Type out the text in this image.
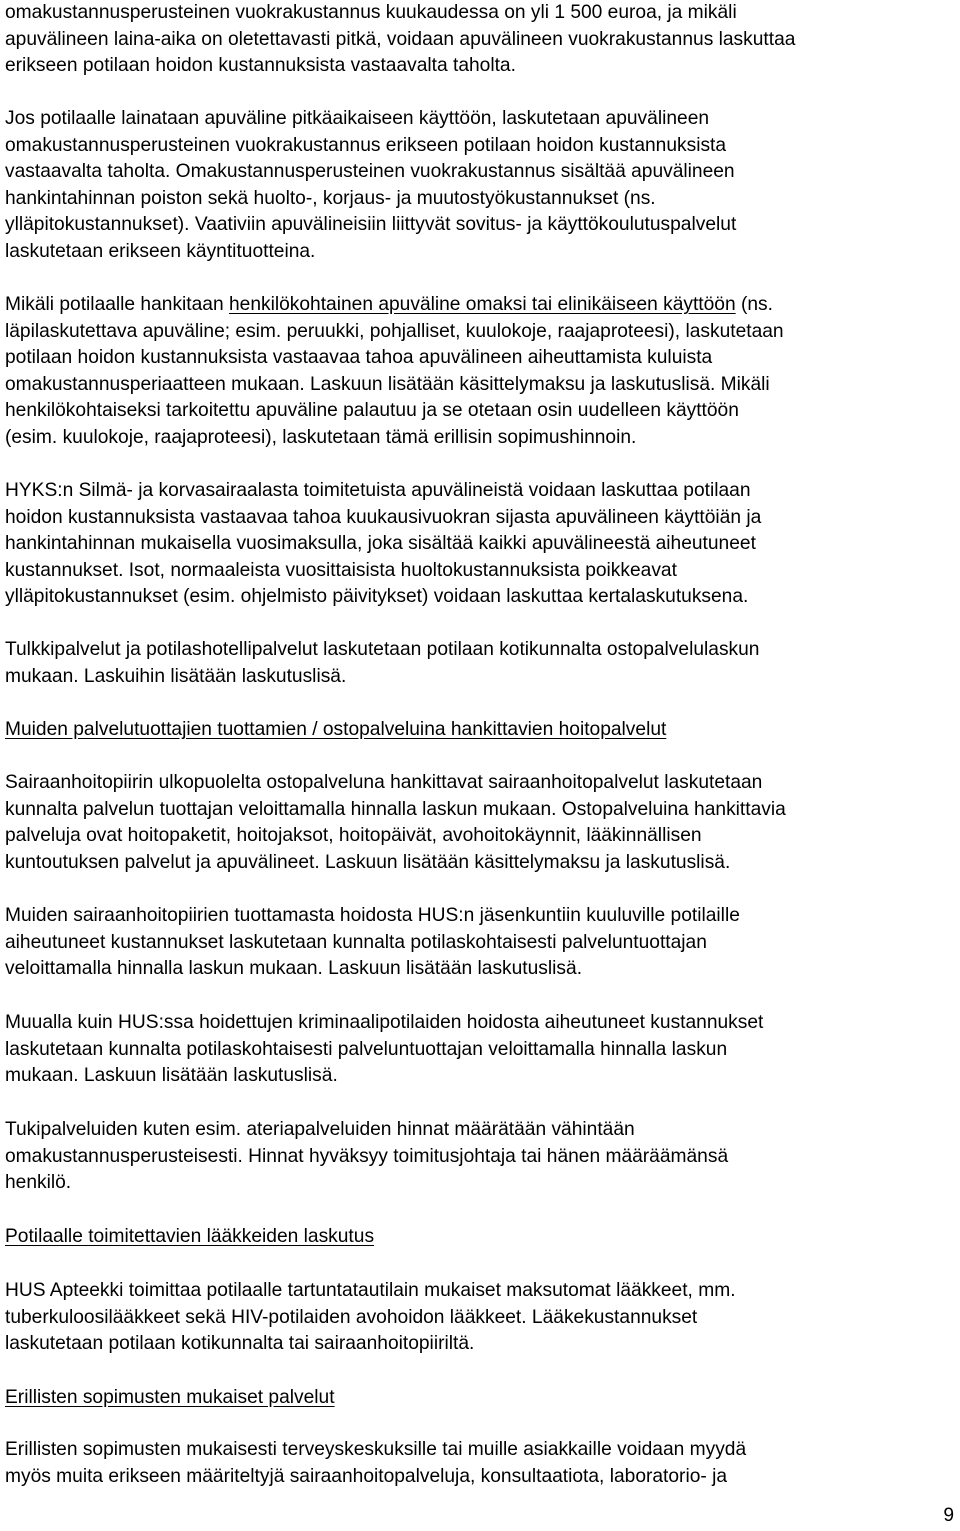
omakustannusperusteinen vuokrakustannus kuukaudessa on yli 1 500 euroa, ja mikäli
apuvälineen laina-aika on oletettavasti pitkä, voidaan apuvälineen vuokrakustannus laskuttaa
erikseen potilaan hoidon kustannuksista vastaavalta taholta.

Jos potilaalle lainataan apuväline pitkäaikaiseen käyttöön, laskutetaan apuvälineen
omakustannusperusteinen vuokrakustannus erikseen potilaan hoidon kustannuksista
vastaavalta taholta. Omakustannusperusteinen vuokrakustannus sisältää apuvälineen
hankintahinnan poiston sekä huolto-, korjaus- ja muutostyökustannukset (ns.
ylläpitokustannukset). Vaativiin apuvälineisiin liittyvät sovitus- ja käyttökoulutuspalvelut
laskutetaan erikseen käyntituotteina.

Mikäli potilaalle hankitaan henkilökohtainen apuväline omaksi tai elinikäiseen käyttöön (ns.
läpilaskutettava apuväline; esim. peruukki, pohjalliset, kuulokoje, raajaproteesi), laskutetaan
potilaan hoidon kustannuksista vastaavaa tahoa apuvälineen aiheuttamista kuluista
omakustannusperiaatteen mukaan. Laskuun lisätään käsittelymaksu ja laskutuslisä. Mikäli
henkilökohtaiseksi tarkoitettu apuväline palautuu ja se otetaan osin uudelleen käyttöön
(esim. kuulokoje, raajaproteesi), laskutetaan tämä erillisin sopimushinnoin.

HYKS:n Silmä- ja korvasairaalasta toimitetuista apuvälineistä voidaan laskuttaa potilaan
hoidon kustannuksista vastaavaa tahoa kuukausivuokran sijasta apuvälineen käyttöiän ja
hankintahinnan mukaisella vuosimaksulla, joka sisältää kaikki apuvälineestä aiheutuneet
kustannukset. Isot, normaaleista vuosittaisista huoltokustannuksista poikkeavat
ylläpitokustannukset (esim. ohjelmisto päivitykset) voidaan laskuttaa kertalaskutuksena.

Tulkkipalvelut ja potilashotellipalvelut laskutetaan potilaan kotikunnalta ostopalvelulaskun
mukaan. Laskuihin lisätään laskutuslisä.

Muiden palvelutuottajien tuottamien / ostopalveluina hankittavien hoitopalvelut

Sairaanhoitopiirin ulkopuolelta ostopalveluna hankittavat sairaanhoitopalvelut laskutetaan
kunnalta palvelun tuottajan veloittamalla hinnalla laskun mukaan. Ostopalveluina hankittavia
palveluja ovat hoitopaketit, hoitojaksot, hoitopäivät, avohoitokäynnit, lääkinnällisen
kuntoutuksen palvelut ja apuvälineet. Laskuun lisätään käsittelymaksu ja laskutuslisä.

Muiden sairaanhoitopiirien tuottamasta hoidosta HUS:n jäsenkuntiin kuuluville potilaille
aiheutuneet kustannukset laskutetaan kunnalta potilaskohtaisesti palveluntuottajan
veloittamalla hinnalla laskun mukaan. Laskuun lisätään laskutuslisä.

Muualla kuin HUS:ssa hoidettujen kriminaalipotilaiden hoidosta aiheutuneet kustannukset
laskutetaan kunnalta potilaskohtaisesti palveluntuottajan veloittamalla hinnalla laskun
mukaan. Laskuun lisätään laskutuslisä.

Tukipalveluiden kuten esim. ateriapalveluiden hinnat määrätään vähintään
omakustannusperusteisesti. Hinnat hyväksyy toimitusjohtaja tai hänen määräämänsä
henkilö.

Potilaalle toimitettavien lääkkeiden laskutus

HUS Apteekki toimittaa potilaalle tartuntatautilain mukaiset maksutomat lääkkeet, mm.
tuberkuloosilääkkeet sekä HIV-potilaiden avohoidon lääkkeet. Lääkekustannukset
laskutetaan potilaan kotikunnalta tai sairaanhoitopiiriltä.

Erillisten sopimusten mukaiset palvelut

Erillisten sopimusten mukaisesti terveyskeskuksille tai muille asiakkaille voidaan myydä
myös muita erikseen määriteltyjä sairaanhoitopalveluja, konsultaatiota, laboratorio- ja

9
